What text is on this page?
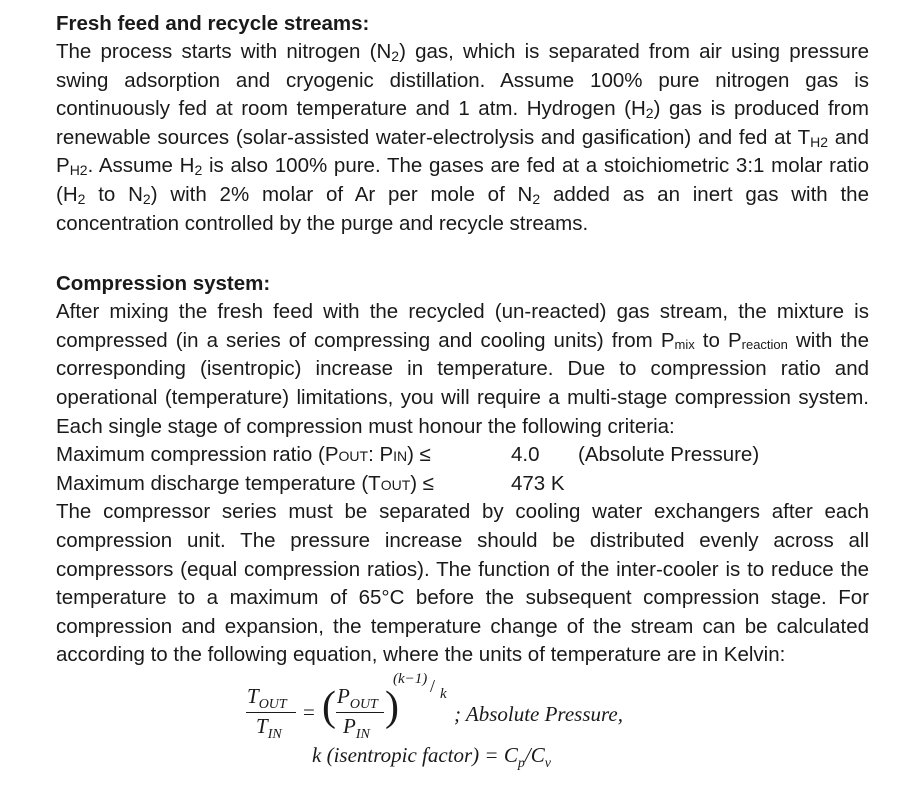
Fresh feed and recycle streams:

The process starts with nitrogen $(N_2)$ gas, which is separated from air using pressure swing adsorption and cryogenic distillation. Assume 100% pure nitrogen gas is continuously fed at room temperature and 1 atm. Hydrogen $(H_2)$ gas is produced from renewable sources (solar-assisted water-electrolysis and gasification) and fed at $T_{H2}$ and $P_{H2}$. Assume $H_2$ is also 100% pure. The gases are fed at a stoichiometric 3:1 molar ratio ($H_2$ to $N_2$) with 2% molar of Ar per mole of $N_2$ added as an inert gas with the concentration controlled by the purge and recycle streams.

Compression system:

After mixing the fresh feed with the recycled (un-reacted) gas stream, the mixture is compressed (in a series of compressing and cooling units) from $P_{mix}$ to $P_{reaction}$ with the corresponding (isentropic) increase in temperature. Due to compression ratio and operational (temperature) limitations, you will require a multi-stage compression system. Each single stage of compression must honour the following criteria:

Maximum compression ratio (Pout: Pin) ≤	4.0 (Absolute Pressure)
Maximum discharge temperature (Tout) ≤	473 K

The compressor series must be separated by cooling water exchangers after each compression unit. The pressure increase should be distributed evenly across all compressors (equal compression ratios). The function of the inter-cooler is to reduce the temperature to a maximum of 65°C before the subsequent compression stage. For compression and expansion, the temperature change of the stream can be calculated according to the following equation, where the units of temperature are in Kelvin:

$T_{OUT}$
$T_{IN}$
= ( $P_{OUT}$
$P_{IN}$
)
(k−1) / k
; Absolute Pressure,
k (isentropic factor) = $C_p/C_v$
